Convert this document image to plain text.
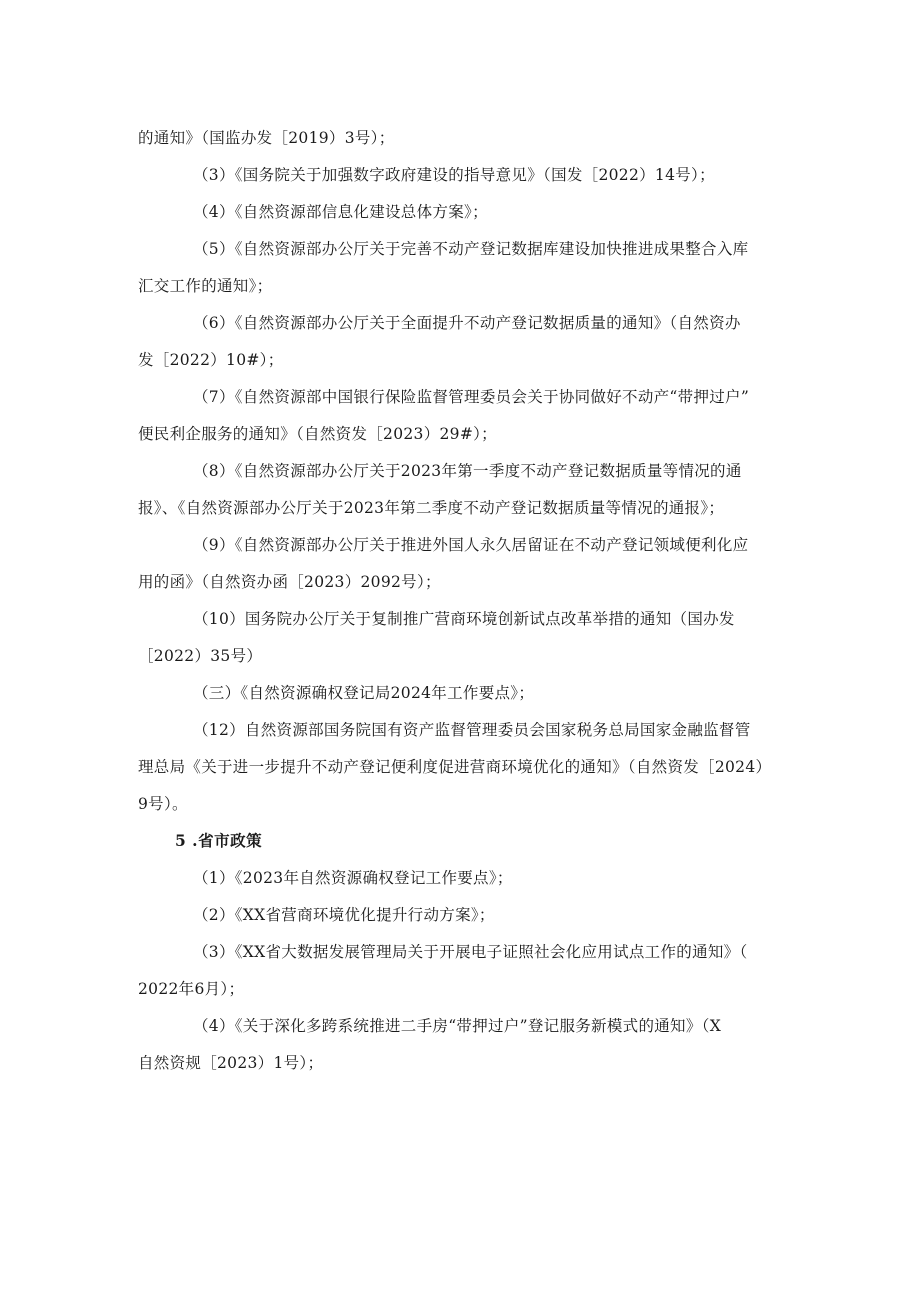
的通知》（国监办发［2019）3号）；
（3）《国务院关于加强数字政府建设的指导意见》（国发［2022）14号）；
（4）《自然资源部信息化建设总体方案》；
（5）《自然资源部办公厅关于完善不动产登记数据库建设加快推进成果整合入库
汇交工作的通知》；
（6）《自然资源部办公厅关于全面提升不动产登记数据质量的通知》（自然资办
发［2022）10#）；
（7）《自然资源部中国银行保险监督管理委员会关于协同做好不动产“带押过户”
便民利企服务的通知》（自然资发［2023）29#）；
（8）《自然资源部办公厅关于2023年第一季度不动产登记数据质量等情况的通
报》、《自然资源部办公厅关于2023年第二季度不动产登记数据质量等情况的通报》；
（9）《自然资源部办公厅关于推进外国人永久居留证在不动产登记领域便利化应
用的函》（自然资办函［2023）2092号）；
（10）国务院办公厅关于复制推广营商环境创新试点改革举措的通知（国办发
［2022）35号）
（三）《自然资源确权登记局2024年工作要点》；
（12）自然资源部国务院国有资产监督管理委员会国家税务总局国家金融监督管
理总局《关于进一步提升不动产登记便利度促进营商环境优化的通知》（自然资发［2024）
9号）。
5 .省市政策
（1）《2023年自然资源确权登记工作要点》；
（2）《XX省营商环境优化提升行动方案》；
（3）《XX省大数据发展管理局关于开展电子证照社会化应用试点工作的通知》（
2022年6月）；
（4）《关于深化多跨系统推进二手房“带押过户”登记服务新模式的通知》（X
自然资规［2023）1号）；
